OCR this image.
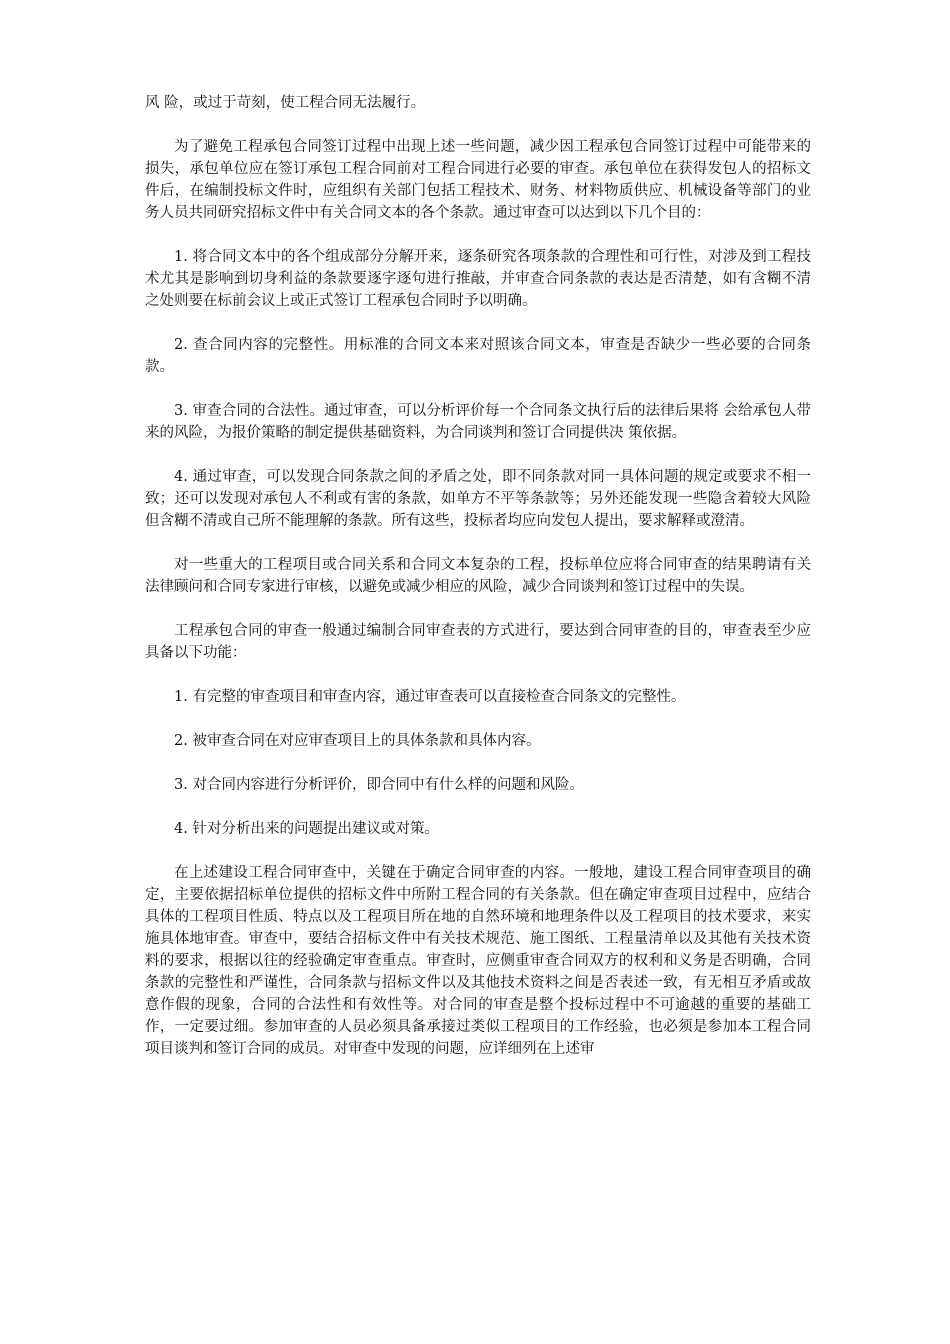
风 险，或过于苛刻，使工程合同无法履行。

为了避免工程承包合同签订过程中出现上述一些问题，减少因工程承包合同签订过程中可能带来的损失，承包单位应在签订承包工程合同前对工程合同进行必要的审查。承包单位在获得发包人的招标文件后，在编制投标文件时，应组织有关部门包括工程技术、财务、材料物质供应、机械设备等部门的业务人员共同研究招标文件中有关合同文本的各个条款。通过审查可以达到以下几个目的：

1. 将合同文本中的各个组成部分分解开来，逐条研究各项条款的合理性和可行性，对涉及到工程技术尤其是影响到切身利益的条款要逐字逐句进行推敲，并审查合同条款的表达是否清楚，如有含糊不清之处则要在标前会议上或正式签订工程承包合同时予以明确。

2. 查合同内容的完整性。用标准的合同文本来对照该合同文本，审查是否缺少一些必要的合同条款。

3. 审查合同的合法性。通过审查，可以分析评价每一个合同条文执行后的法律后果将 会给承包人带来的风险，为报价策略的制定提供基础资料，为合同谈判和签订合同提供决 策依据。

4. 通过审查，可以发现合同条款之间的矛盾之处，即不同条款对同一具体问题的规定或要求不相一致；还可以发现对承包人不利或有害的条款，如单方不平等条款等；另外还能发现一些隐含着较大风险但含糊不清或自己所不能理解的条款。所有这些，投标者均应向发包人提出，要求解释或澄清。

对一些重大的工程项目或合同关系和合同文本复杂的工程，投标单位应将合同审查的结果聘请有关法律顾问和合同专家进行审核，以避免或减少相应的风险，减少合同谈判和签订过程中的失误。

工程承包合同的审查一般通过编制合同审查表的方式进行，要达到合同审查的目的，审查表至少应具备以下功能：

1. 有完整的审查项目和审查内容，通过审查表可以直接检查合同条文的完整性。

2. 被审查合同在对应审查项目上的具体条款和具体内容。

3. 对合同内容进行分析评价，即合同中有什么样的问题和风险。

4. 针对分析出来的问题提出建议或对策。

在上述建设工程合同审查中，关键在于确定合同审查的内容。一般地，建设工程合同审查项目的确定，主要依据招标单位提供的招标文件中所附工程合同的有关条款。但在确定审查项目过程中，应结合具体的工程项目性质、特点以及工程项目所在地的自然环境和地理条件以及工程项目的技术要求，来实施具体地审查。审查中，要结合招标文件中有关技术规范、施工图纸、工程量清单以及其他有关技术资料的要求，根据以往的经验确定审查重点。审查时，应侧重审查合同双方的权利和义务是否明确，合同条款的完整性和严谨性，合同条款与招标文件以及其他技术资料之间是否表述一致，有无相互矛盾或故意作假的现象，合同的合法性和有效性等。对合同的审查是整个投标过程中不可逾越的重要的基础工作，一定要过细。参加审查的人员必须具备承接过类似工程项目的工作经验，也必须是参加本工程合同项目谈判和签订合同的成员。对审查中发现的问题，应详细列在上述审
